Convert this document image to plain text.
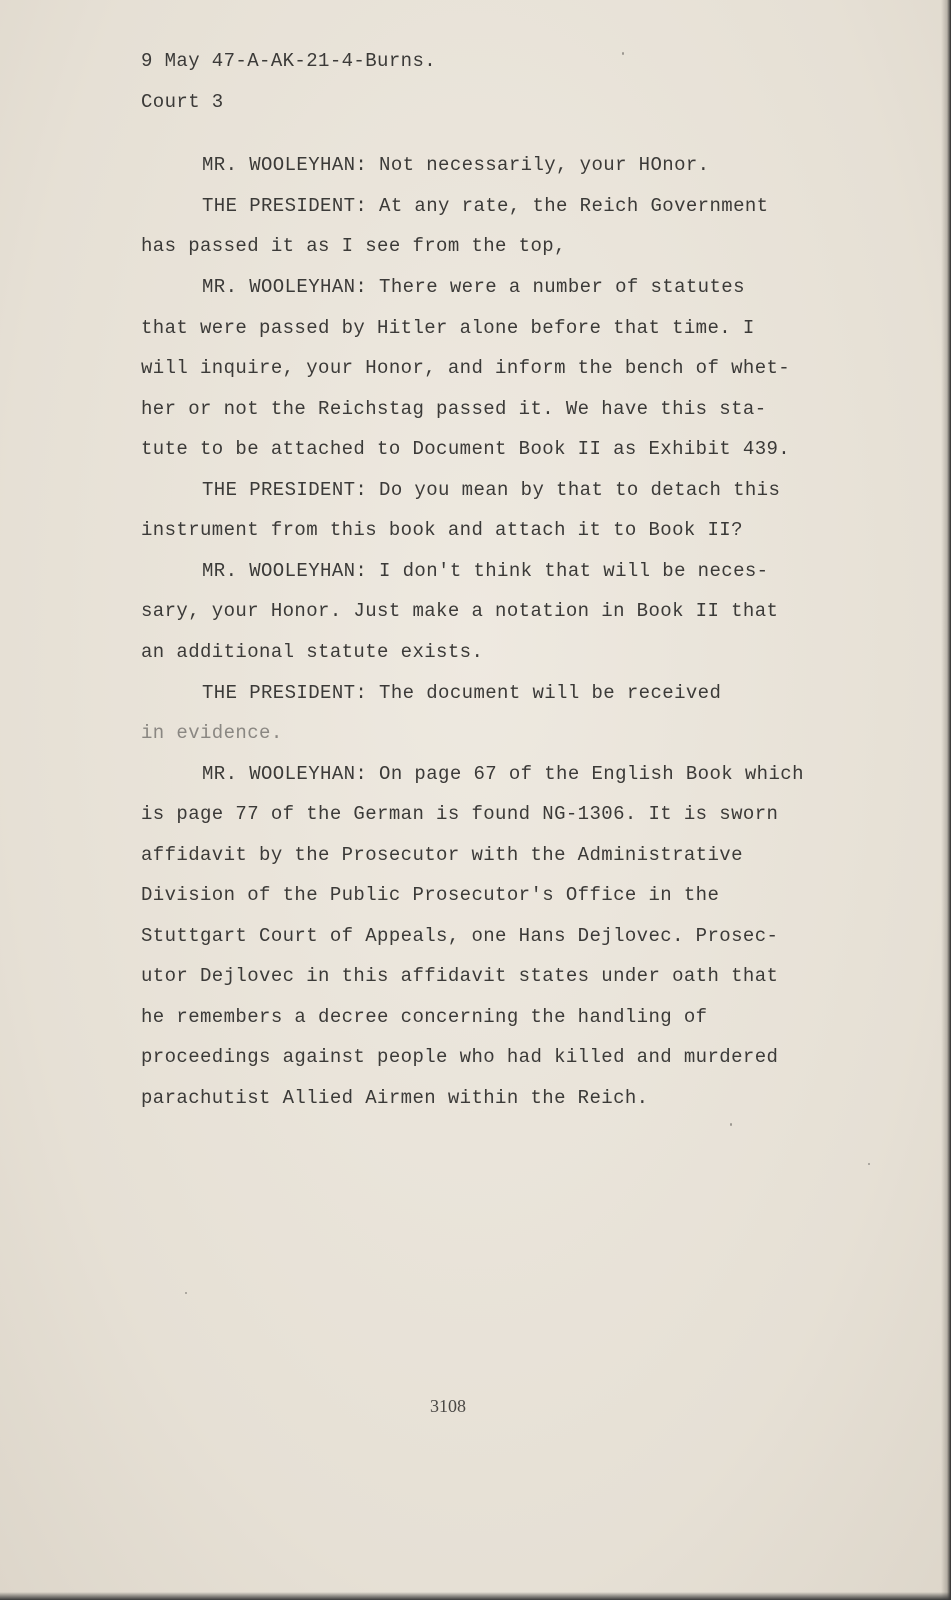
9 May 47-A-AK-21-4-Burns.
Court 3
MR. WOOLEYHAN: Not necessarily, your HOnor.
THE PRESIDENT: At any rate, the Reich Government
has passed it as I see from the top,
MR. WOOLEYHAN: There were a number of statutes
that were passed by Hitler alone before that time. I
will inquire, your Honor, and inform the bench of whet-
her or not the Reichstag passed it. We have this sta-
tute to be attached to Document Book II as Exhibit 439.
THE PRESIDENT: Do you mean by that to detach this
instrument from this book and attach it to Book II?
MR. WOOLEYHAN: I don't think that will be neces-
sary, your Honor. Just make a notation in Book II that
an additional statute exists.
THE PRESIDENT: The document will be received
in evidence.
MR. WOOLEYHAN: On page 67 of the English Book which
is page 77 of the German is found NG-1306. It is sworn
affidavit by the Prosecutor with the Administrative
Division of the Public Prosecutor's Office in the
Stuttgart Court of Appeals, one Hans Dejlovec. Prosec-
utor Dejlovec in this affidavit states under oath that
he remembers a decree concerning the handling of
proceedings against people who had killed and murdered
parachutist Allied Airmen within the Reich.
3108
